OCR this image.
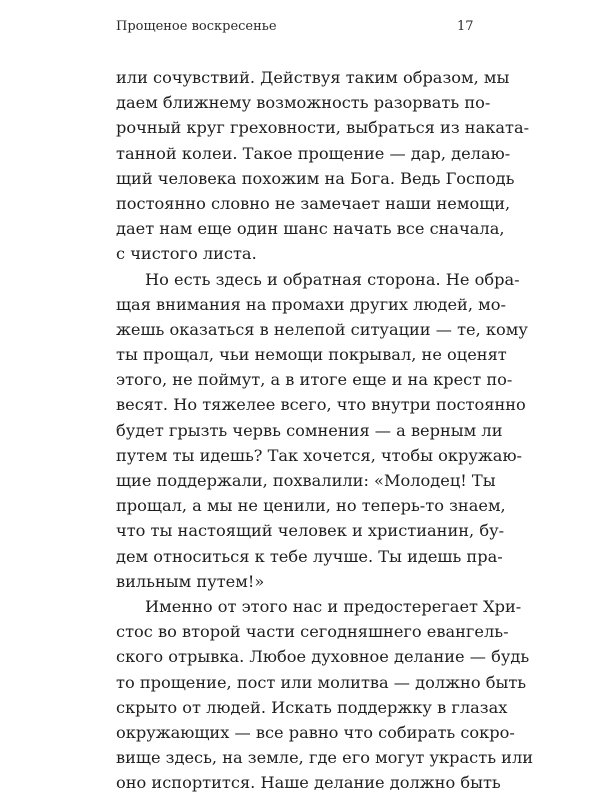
Прощеное воскресенье	17
или сочувствий. Действуя таким образом, мы
даем ближнему возможность разорвать по-
рочный круг греховности, выбраться из наката-
танной колеи. Такое прощение — дар, делаю-
щий человека похожим на Бога. Ведь Господь
постоянно словно не замечает наши немощи,
дает нам еще один шанс начать все сначала,
с чистого листа.
Но есть здесь и обратная сторона. Не обра-
щая внимания на промахи других людей, мо-
жешь оказаться в нелепой ситуации — те, кому
ты прощал, чьи немощи покрывал, не оценят
этого, не поймут, а в итоге еще и на крест по-
весят. Но тяжелее всего, что внутри постоянно
будет грызть червь сомнения — а верным ли
путем ты идешь? Так хочется, чтобы окружаю-
щие поддержали, похвалили: «Молодец! Ты
прощал, а мы не ценили, но теперь-то знаем,
что ты настоящий человек и христианин, бу-
дем относиться к тебе лучше. Ты идешь пра-
вильным путем!»
Именно от этого нас и предостерегает Хри-
стос во второй части сегодняшнего евангель-
ского отрывка. Любое духовное делание — будь
то прощение, пост или молитва — должно быть
скрыто от людей. Искать поддержку в глазах
окружающих — все равно что собирать сокро-
вище здесь, на земле, где его могут украсть или
оно испортится. Наше делание должно быть
